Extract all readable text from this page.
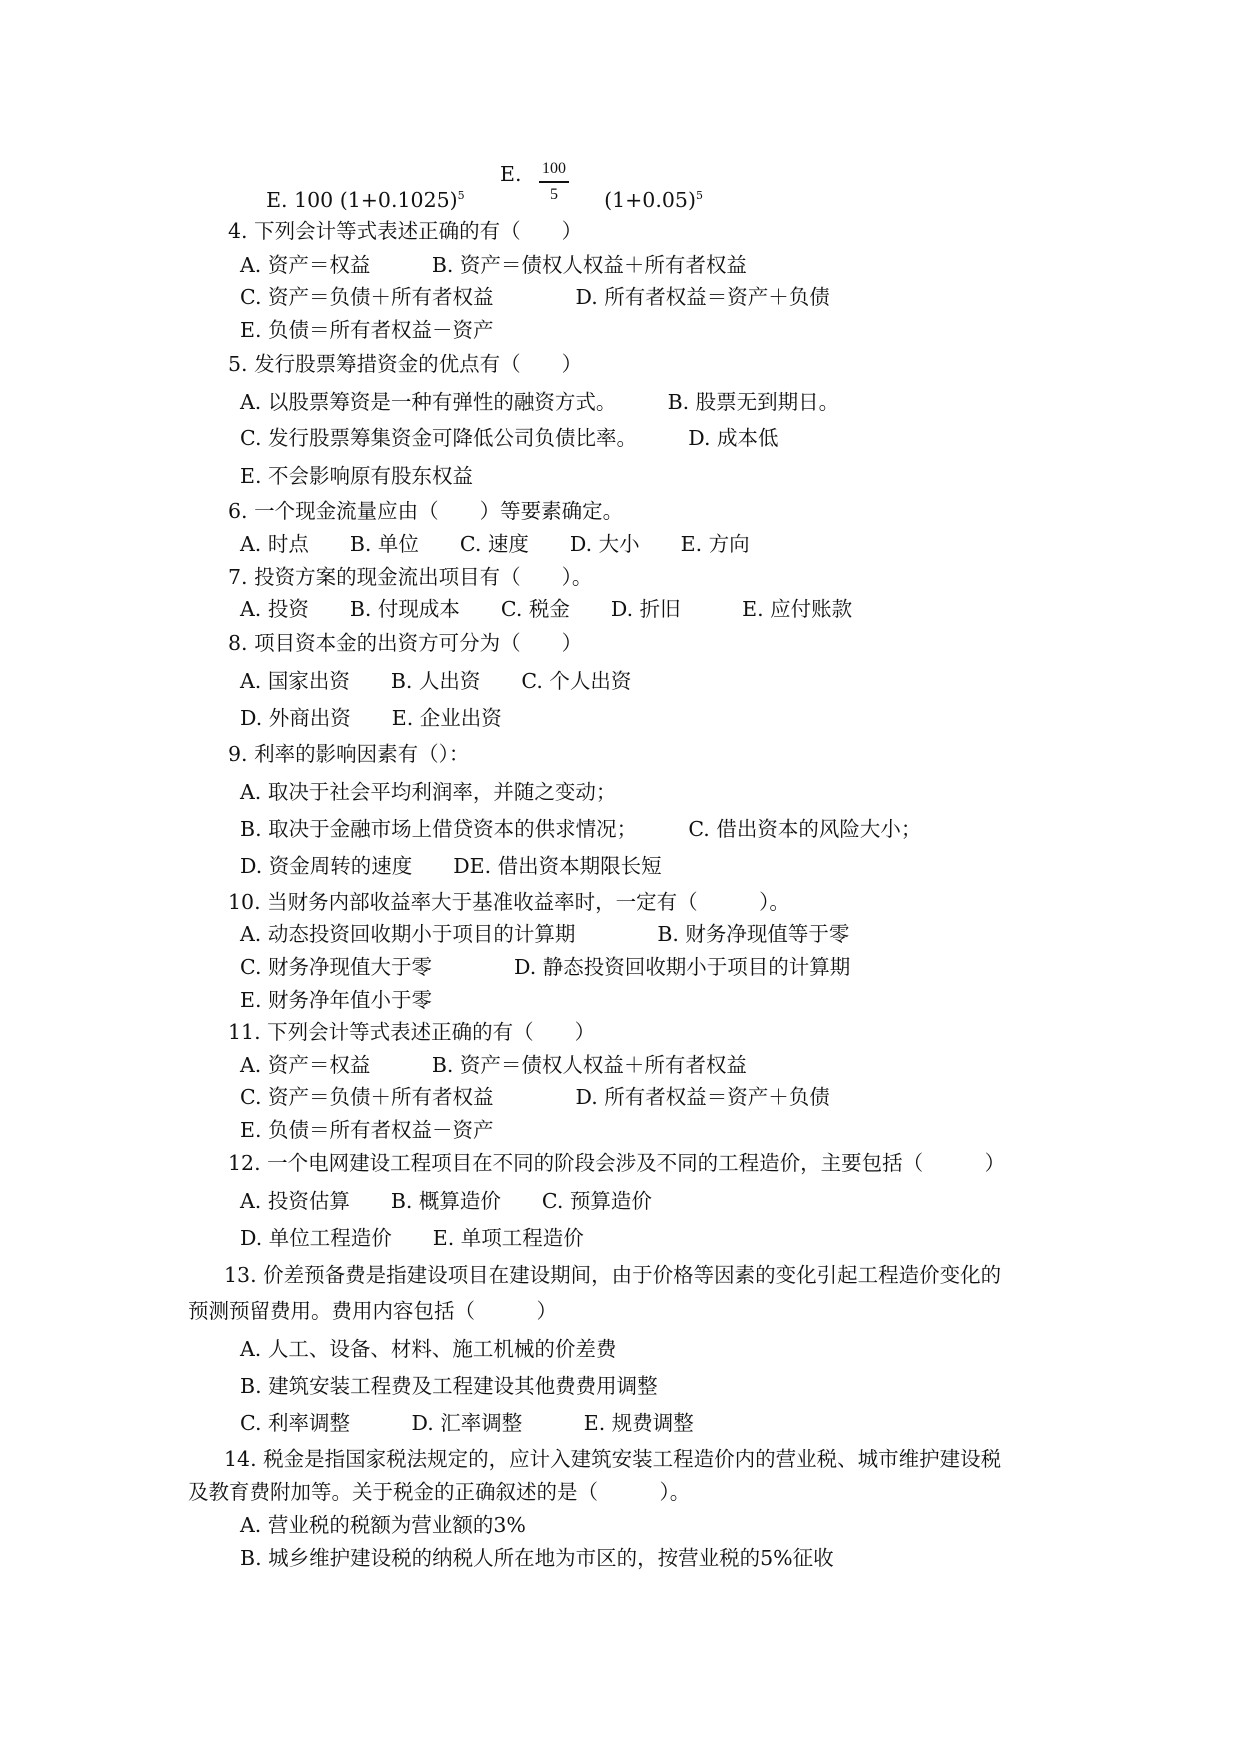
E. 100 $(1+0.1025)^5$

E.	100
5	$(1+0.05)^5$

4. 下列会计等式表述正确的有（　　）
A. 资产＝权益　　　B. 资产＝债权人权益＋所有者权益
C. 资产＝负债＋所有者权益　　　　D. 所有者权益＝资产＋负债
E. 负债＝所有者权益－资产
5. 发行股票筹措资金的优点有（　　）
A. 以股票筹资是一种有弹性的融资方式。　　　B. 股票无到期日。
C. 发行股票筹集资金可降低公司负债比率。　　　D. 成本低
E. 不会影响原有股东权益
6. 一个现金流量应由（　　）等要素确定。
A. 时点　　B. 单位　　C. 速度　　D. 大小　　E. 方向
7. 投资方案的现金流出项目有（　　）。
A. 投资　　B. 付现成本　　C. 税金　　D. 折旧　　　E. 应付账款
8. 项目资本金的出资方可分为（　　）
A. 国家出资　　B. 人出资　　C. 个人出资
D. 外商出资　　E. 企业出资
9. 利率的影响因素有（）：
A. 取决于社会平均利润率，并随之变动；
B. 取决于金融市场上借贷资本的供求情况；　　　C. 借出资本的风险大小；
D. 资金周转的速度　　DE. 借出资本期限长短
10. 当财务内部收益率大于基准收益率时，一定有（　　　）。
A. 动态投资回收期小于项目的计算期　　　　B. 财务净现值等于零
C. 财务净现值大于零　　　　D. 静态投资回收期小于项目的计算期
E. 财务净年值小于零
11. 下列会计等式表述正确的有（　　）
A. 资产＝权益　　　B. 资产＝债权人权益＋所有者权益
C. 资产＝负债＋所有者权益　　　　D. 所有者权益＝资产＋负债
E. 负债＝所有者权益－资产
12. 一个电网建设工程项目在不同的阶段会涉及不同的工程造价，主要包括（　　　）
A. 投资估算　　B. 概算造价　　C. 预算造价
D. 单位工程造价　　E. 单项工程造价
13. 价差预备费是指建设项目在建设期间，由于价格等因素的变化引起工程造价变化的
预测预留费用。费用内容包括（　　　）
A. 人工、设备、材料、施工机械的价差费
B. 建筑安装工程费及工程建设其他费费用调整
C. 利率调整　　　D. 汇率调整　　　E. 规费调整
14. 税金是指国家税法规定的，应计入建筑安装工程造价内的营业税、城市维护建设税
及教育费附加等。关于税金的正确叙述的是（　　　）。
A. 营业税的税额为营业额的3%
B. 城乡维护建设税的纳税人所在地为市区的，按营业税的5%征收
